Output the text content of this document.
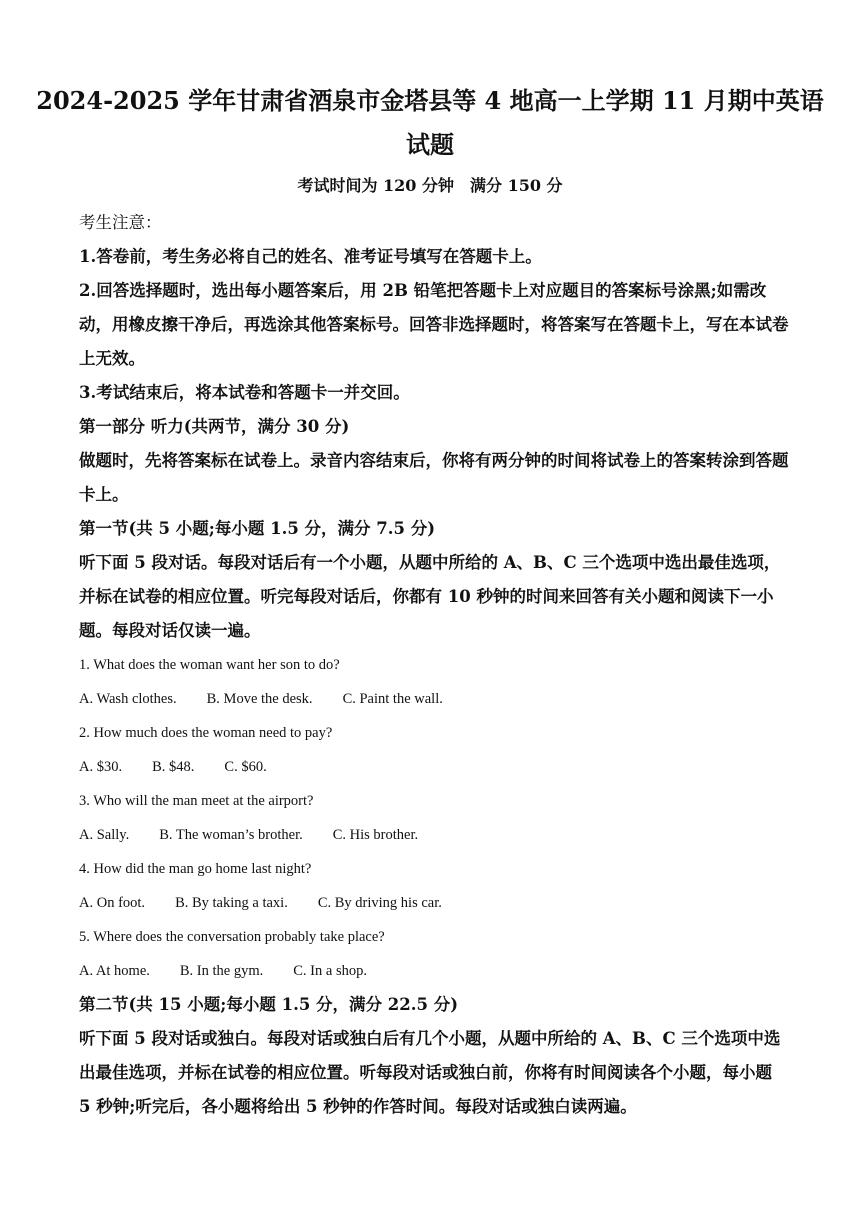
2024-2025 学年甘肃省酒泉市金塔县等 4 地高一上学期 11 月期中英语
试题
考试时间为 120 分钟　满分 150 分

考生注意：

1.答卷前，考生务必将自己的姓名、准考证号填写在答题卡上。

2.回答选择题时，选出每小题答案后，用 2B 铅笔把答题卡上对应题目的答案标号涂黑;如需改动，用橡皮擦干净后，再选涂其他答案标号。回答非选择题时，将答案写在答题卡上，写在本试卷上无效。

3.考试结束后，将本试卷和答题卡一并交回。

第一部分 听力(共两节，满分 30 分)

做题时，先将答案标在试卷上。录音内容结束后，你将有两分钟的时间将试卷上的答案转涂到答题卡上。

第一节(共 5 小题;每小题 1.5 分，满分 7.5 分)

听下面 5 段对话。每段对话后有一个小题，从题中所给的 A、B、C 三个选项中选出最佳选项，并标在试卷的相应位置。听完每段对话后，你都有 10 秒钟的时间来回答有关小题和阅读下一小题。每段对话仅读一遍。

1. What does the woman want her son to do?

A. Wash clothes. B. Move the desk. C. Paint the wall.

2. How much does the woman need to pay?

A. $30. B. $48. C. $60.

3. Who will the man meet at the airport?

A. Sally. B. The woman’s brother. C. His brother.

4. How did the man go home last night?

A. On foot. B. By taking a taxi. C. By driving his car.

5. Where does the conversation probably take place?

A. At home. B. In the gym. C. In a shop.

第二节(共 15 小题;每小题 1.5 分，满分 22.5 分)

听下面 5 段对话或独白。每段对话或独白后有几个小题，从题中所给的 A、B、C 三个选项中选出最佳选项，并标在试卷的相应位置。听每段对话或独白前，你将有时间阅读各个小题，每小题 5 秒钟;听完后，各小题将给出 5 秒钟的作答时间。每段对话或独白读两遍。
